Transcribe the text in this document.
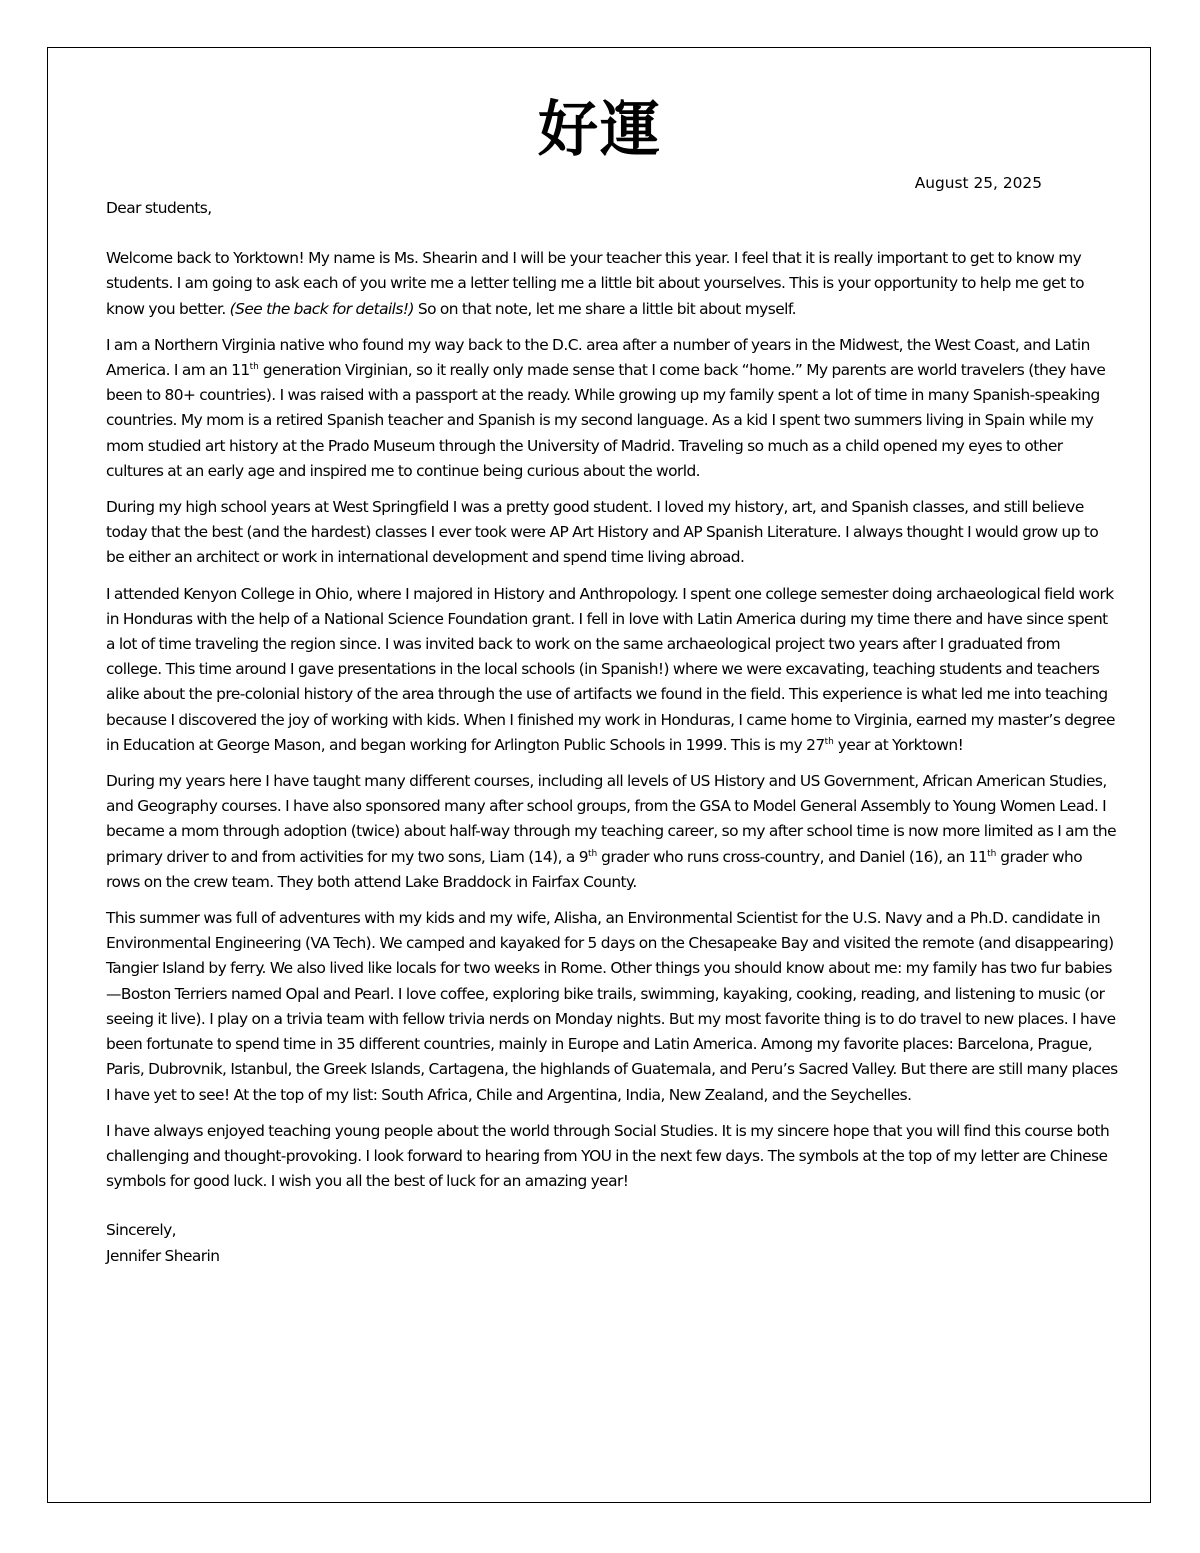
好運
August 25, 2025

Dear students,

Welcome back to Yorktown! My name is Ms. Shearin and I will be your teacher this year. I feel that it is really important to get to know my students. I am going to ask each of you write me a letter telling me a little bit about yourselves. This is your opportunity to help me get to know you better. (See the back for details!) So on that note, let me share a little bit about myself.

I am a Northern Virginia native who found my way back to the D.C. area after a number of years in the Midwest, the West Coast, and Latin America. I am an 11th generation Virginian, so it really only made sense that I come back “home.” My parents are world travelers (they have been to 80+ countries). I was raised with a passport at the ready. While growing up my family spent a lot of time in many Spanish-speaking countries. My mom is a retired Spanish teacher and Spanish is my second language. As a kid I spent two summers living in Spain while my mom studied art history at the Prado Museum through the University of Madrid. Traveling so much as a child opened my eyes to other cultures at an early age and inspired me to continue being curious about the world.

During my high school years at West Springfield I was a pretty good student. I loved my history, art, and Spanish classes, and still believe today that the best (and the hardest) classes I ever took were AP Art History and AP Spanish Literature. I always thought I would grow up to be either an architect or work in international development and spend time living abroad.

I attended Kenyon College in Ohio, where I majored in History and Anthropology. I spent one college semester doing archaeological field work in Honduras with the help of a National Science Foundation grant. I fell in love with Latin America during my time there and have since spent a lot of time traveling the region since. I was invited back to work on the same archaeological project two years after I graduated from college. This time around I gave presentations in the local schools (in Spanish!) where we were excavating, teaching students and teachers alike about the pre-colonial history of the area through the use of artifacts we found in the field. This experience is what led me into teaching because I discovered the joy of working with kids. When I finished my work in Honduras, I came home to Virginia, earned my master’s degree in Education at George Mason, and began working for Arlington Public Schools in 1999. This is my 27th year at Yorktown!

During my years here I have taught many different courses, including all levels of US History and US Government, African American Studies, and Geography courses. I have also sponsored many after school groups, from the GSA to Model General Assembly to Young Women Lead. I became a mom through adoption (twice) about half-way through my teaching career, so my after school time is now more limited as I am the primary driver to and from activities for my two sons, Liam (14), a 9th grader who runs cross-country, and Daniel (16), an 11th grader who rows on the crew team. They both attend Lake Braddock in Fairfax County.

This summer was full of adventures with my kids and my wife, Alisha, an Environmental Scientist for the U.S. Navy and a Ph.D. candidate in Environmental Engineering (VA Tech). We camped and kayaked for 5 days on the Chesapeake Bay and visited the remote (and disappearing) Tangier Island by ferry. We also lived like locals for two weeks in Rome. Other things you should know about me: my family has two fur babies—Boston Terriers named Opal and Pearl. I love coffee, exploring bike trails, swimming, kayaking, cooking, reading, and listening to music (or seeing it live). I play on a trivia team with fellow trivia nerds on Monday nights. But my most favorite thing is to do travel to new places. I have been fortunate to spend time in 35 different countries, mainly in Europe and Latin America. Among my favorite places: Barcelona, Prague, Paris, Dubrovnik, Istanbul, the Greek Islands, Cartagena, the highlands of Guatemala, and Peru’s Sacred Valley. But there are still many places I have yet to see! At the top of my list: South Africa, Chile and Argentina, India, New Zealand, and the Seychelles.

I have always enjoyed teaching young people about the world through Social Studies. It is my sincere hope that you will find this course both challenging and thought-provoking. I look forward to hearing from YOU in the next few days. The symbols at the top of my letter are Chinese symbols for good luck. I wish you all the best of luck for an amazing year!

Sincerely,

Jennifer Shearin
